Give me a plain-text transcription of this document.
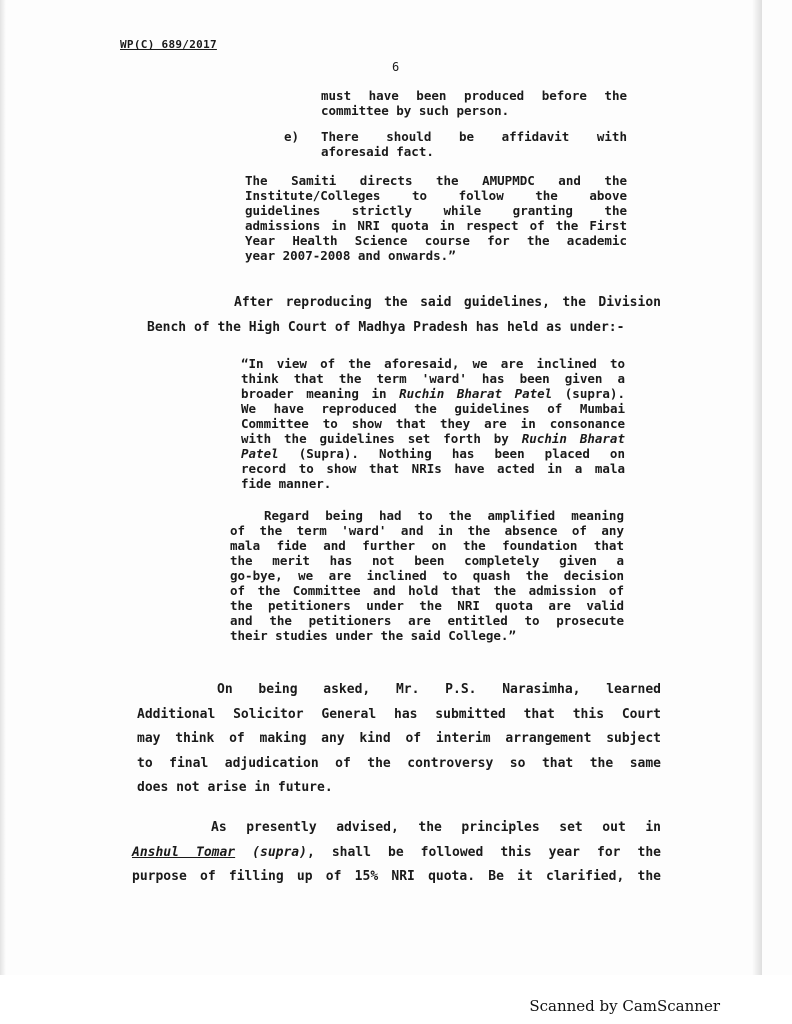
WP(C) 689/2017
6

must have been produced before the

committee by such person.

e)	There should be affidavit with

aforesaid fact.

The Samiti directs the AMUPMDC and the

Institute/Colleges to follow the above

guidelines strictly while granting the

admissions in NRI quota in respect of the First

Year Health Science course for the academic

year 2007-2008 and onwards.”

After reproducing the said guidelines, the Division
Bench of the High Court of Madhya Pradesh has held as under:-

“In view of the aforesaid, we are inclined to

think that the term 'ward' has been given a

broader meaning in Ruchin Bharat Patel (supra).

We have reproduced the guidelines of Mumbai

Committee to show that they are in consonance

with the guidelines set forth by Ruchin Bharat

Patel (Supra). Nothing has been placed on

record to show that NRIs have acted in a mala

fide manner.

Regard being had to the amplified meaning

of the term 'ward' and in the absence of any

mala fide and further on the foundation that

the merit has not been completely given a

go-bye, we are inclined to quash the decision

of the Committee and hold that the admission of

the petitioners under the NRI quota are valid

and the petitioners are entitled to prosecute

their studies under the said College.”

On being asked, Mr. P.S. Narasimha, learned
Additional Solicitor General has submitted that this Court
may think of making any kind of interim arrangement subject
to final adjudication of the controversy so that the same
does not arise in future.
As presently advised, the principles set out in
Anshul Tomar (supra), shall be followed this year for the
purpose of filling up of 15% NRI quota. Be it clarified, the
Scanned by CamScanner
